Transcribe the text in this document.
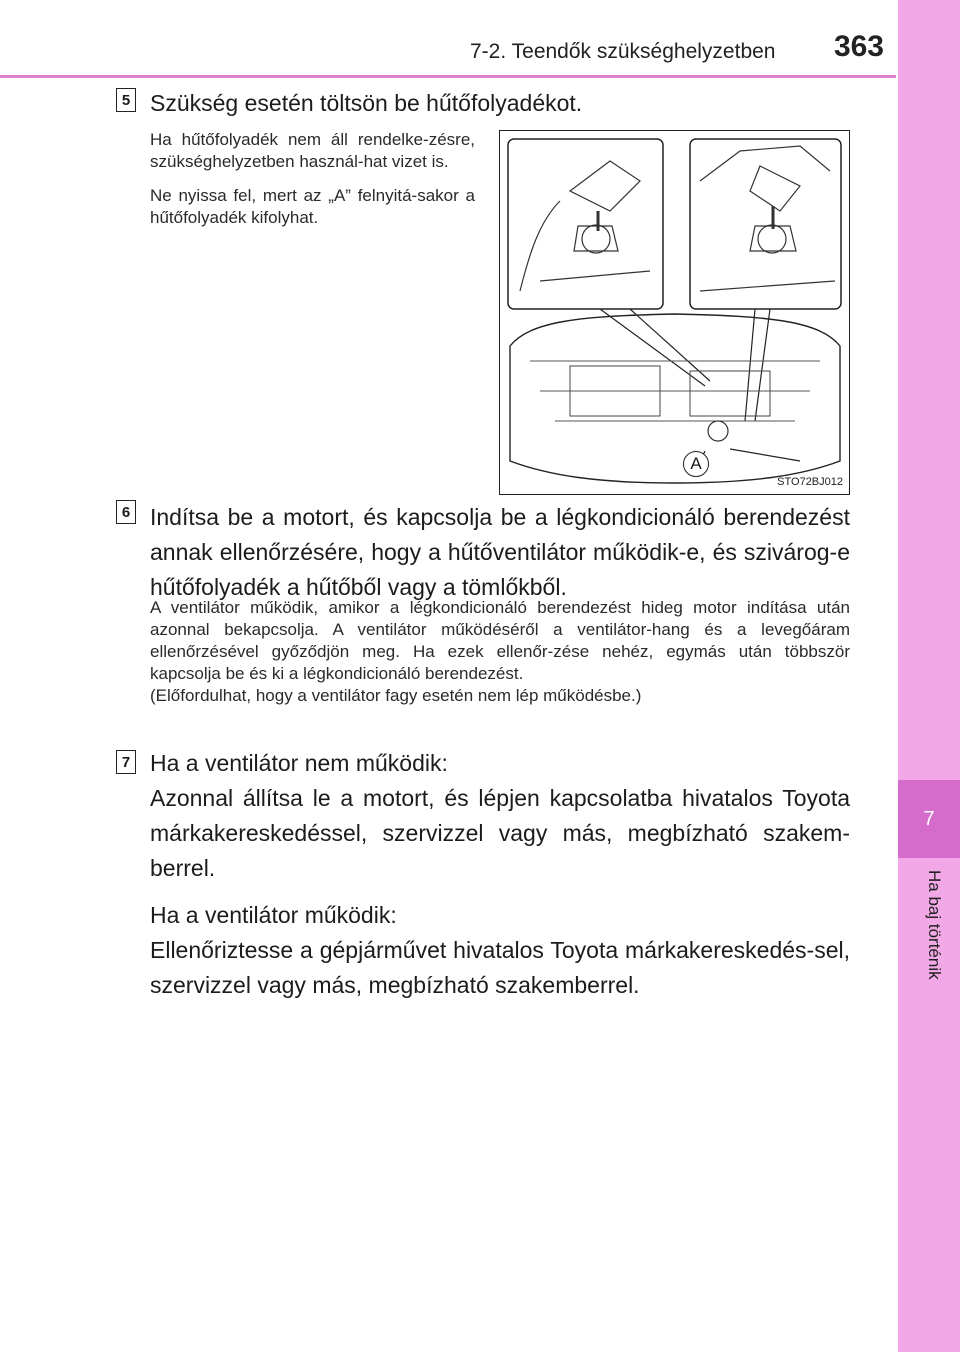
7-2. Teendők szükséghelyzetben 363
7
Ha baj történik
5 Szükség esetén töltsön be hűtőfolyadékot.

Ha hűtőfolyadék nem áll rendelke-zésre, szükséghelyzetben használ-hat vizet is.

Ne nyissa fel, mert az „A” felnyitá-sakor a hűtőfolyadék kifolyhat.

A
STO72BJ012
6 Indítsa be a motort, és kapcsolja be a légkondicionáló berendezést annak ellenőrzésére, hogy a hűtőventilátor működik-e, és szivárog-e hűtőfolyadék a hűtőből vagy a tömlőkből.

A ventilátor működik, amikor a légkondicionáló berendezést hideg motor indítása után azonnal bekapcsolja. A ventilátor működéséről a ventilátor-hang és a levegőáram ellenőrzésével győződjön meg. Ha ezek ellenőr-zése nehéz, egymás után többször kapcsolja be és ki a légkondicionáló berendezést.

(Előfordulhat, hogy a ventilátor fagy esetén nem lép működésbe.)

7 Ha a ventilátor nem működik:
Azonnal állítsa le a motort, és lépjen kapcsolatba hivatalos Toyota márkakereskedéssel, szervizzel vagy más, megbízható szakem-berrel.
Ha a ventilátor működik:
Ellenőriztesse a gépjárművet hivatalos Toyota márkakereskedés-sel, szervizzel vagy más, megbízható szakemberrel.
